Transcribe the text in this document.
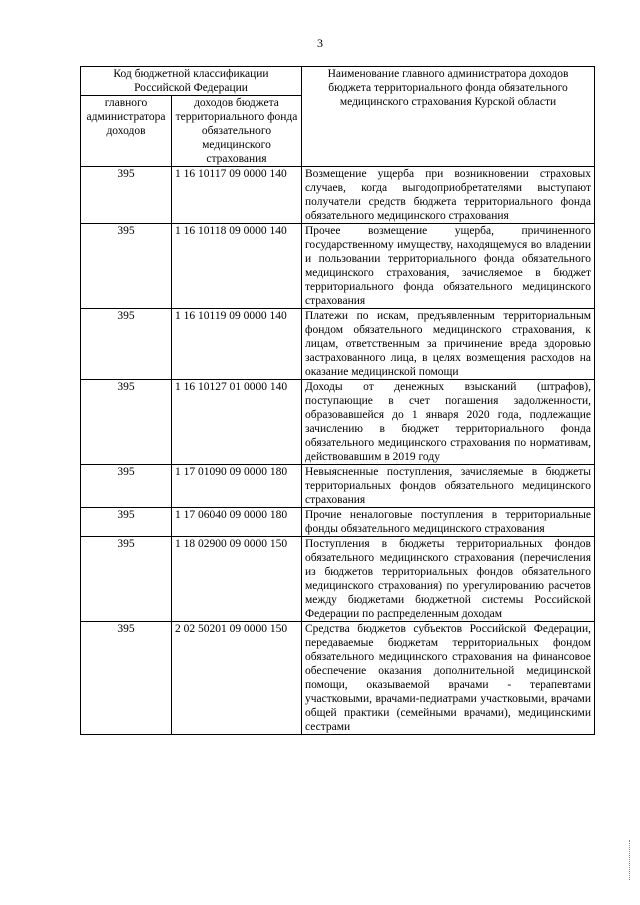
3
Код бюджетной классификации Российской Федерации		Наименование главного администратора доходов бюджета территориального фонда обязательного медицинского страхования Курской области
главного администратора доходов	доходов бюджета территориального фонда обязательного медицинского страхования	
395	1 16 10117 09 0000 140	Возмещение ущерба при возникновении страховых случаев, когда выгодоприобретателями выступают получатели средств бюджета территориального фонда обязательного медицинского страхования
395	1 16 10118 09 0000 140	Прочее возмещение ущерба, причиненного государственному имуществу, находящемуся во владении и пользовании территориального фонда обязательного медицинского страхования, зачисляемое в бюджет территориального фонда обязательного медицинского страхования
395	1 16 10119 09 0000 140	Платежи по искам, предъявленным территориальным фондом обязательного медицинского страхования, к лицам, ответственным за причинение вреда здоровью застрахованного лица, в целях возмещения расходов на оказание медицинской помощи
395	1 16 10127 01 0000 140	Доходы от денежных взысканий (штрафов), поступающие в счет погашения задолженности, образовавшейся до 1 января 2020 года, подлежащие зачислению в бюджет территориального фонда обязательного медицинского страхования по нормативам, действовавшим в 2019 году
395	1 17 01090 09 0000 180	Невыясненные поступления, зачисляемые в бюджеты территориальных фондов обязательного медицинского страхования
395	1 17 06040 09 0000 180	Прочие неналоговые поступления в территориальные фонды обязательного медицинского страхования
395	1 18 02900 09 0000 150	Поступления в бюджеты территориальных фондов обязательного медицинского страхования (перечисления из бюджетов территориальных фондов обязательного медицинского страхования) по урегулированию расчетов между бюджетами бюджетной системы Российской Федерации по распределенным доходам
395	2 02 50201 09 0000 150	Средства бюджетов субъектов Российской Федерации, передаваемые бюджетам территориальных фондом обязательного медицинского страхования на финансовое обеспечение оказания дополнительной медицинской помощи, оказываемой врачами - терапевтами участковыми, врачами-педиатрами участковыми, врачами общей практики (семейными врачами), медицинскими сестрами
